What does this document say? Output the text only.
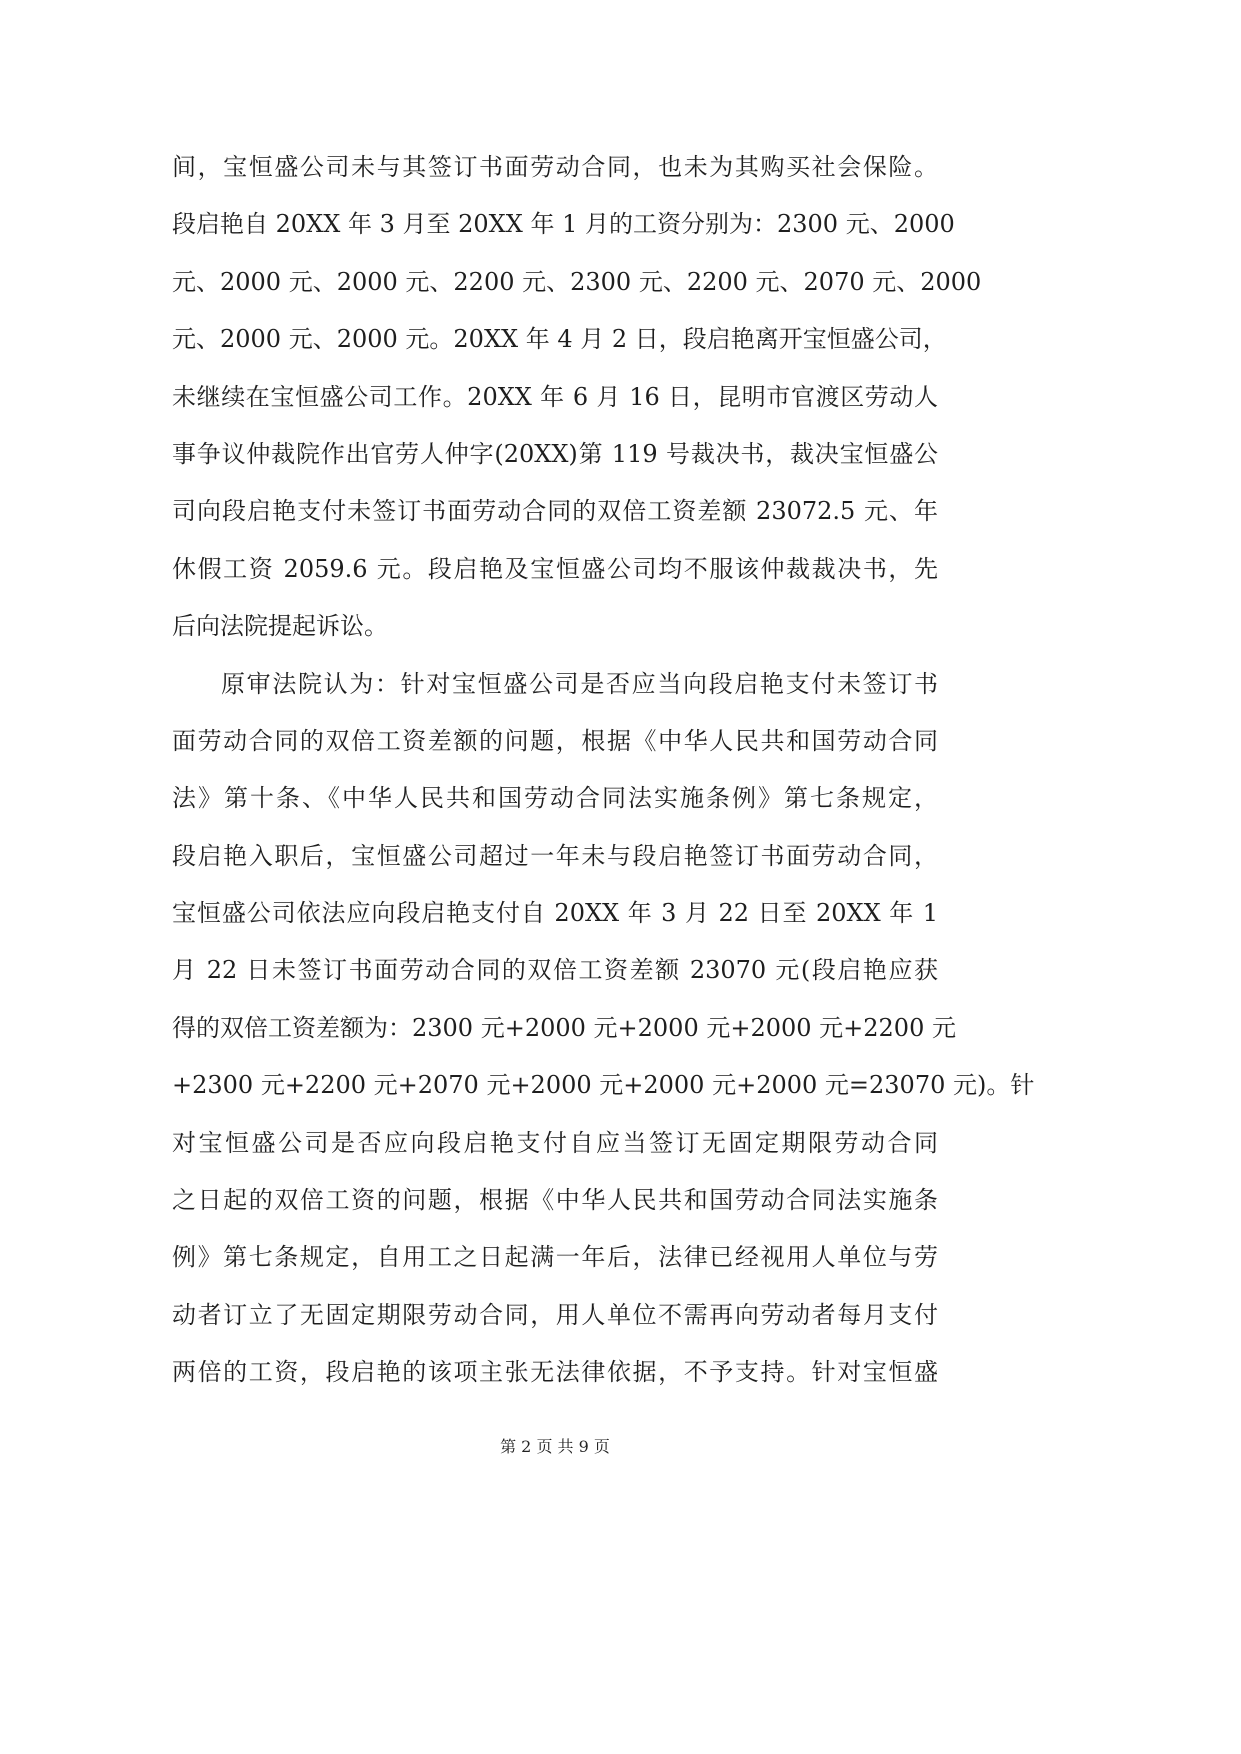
间，宝恒盛公司未与其签订书面劳动合同，也未为其购买社会保险。
段启艳自 20XX 年 3 月至 20XX 年 1 月的工资分别为：2300 元、2000
元、2000 元、2000 元、2200 元、2300 元、2200 元、2070 元、2000
元、2000 元、2000 元。20XX 年 4 月 2 日，段启艳离开宝恒盛公司，
未继续在宝恒盛公司工作。20XX 年 6 月 16 日，昆明市官渡区劳动人
事争议仲裁院作出官劳人仲字(20XX)第 119 号裁决书，裁决宝恒盛公
司向段启艳支付未签订书面劳动合同的双倍工资差额 23072.5 元、年
休假工资 2059.6 元。段启艳及宝恒盛公司均不服该仲裁裁决书，先
后向法院提起诉讼。
原审法院认为：针对宝恒盛公司是否应当向段启艳支付未签订书
面劳动合同的双倍工资差额的问题，根据《中华人民共和国劳动合同
法》第十条、《中华人民共和国劳动合同法实施条例》第七条规定，
段启艳入职后，宝恒盛公司超过一年未与段启艳签订书面劳动合同，
宝恒盛公司依法应向段启艳支付自 20XX 年 3 月 22 日至 20XX 年 1
月 22 日未签订书面劳动合同的双倍工资差额 23070 元(段启艳应获
得的双倍工资差额为：2300 元+2000 元+2000 元+2000 元+2200 元
+2300 元+2200 元+2070 元+2000 元+2000 元+2000 元=23070 元)。针
对宝恒盛公司是否应向段启艳支付自应当签订无固定期限劳动合同
之日起的双倍工资的问题，根据《中华人民共和国劳动合同法实施条
例》第七条规定，自用工之日起满一年后，法律已经视用人单位与劳
动者订立了无固定期限劳动合同，用人单位不需再向劳动者每月支付
两倍的工资，段启艳的该项主张无法律依据，不予支持。针对宝恒盛
第 2 页 共 9 页
